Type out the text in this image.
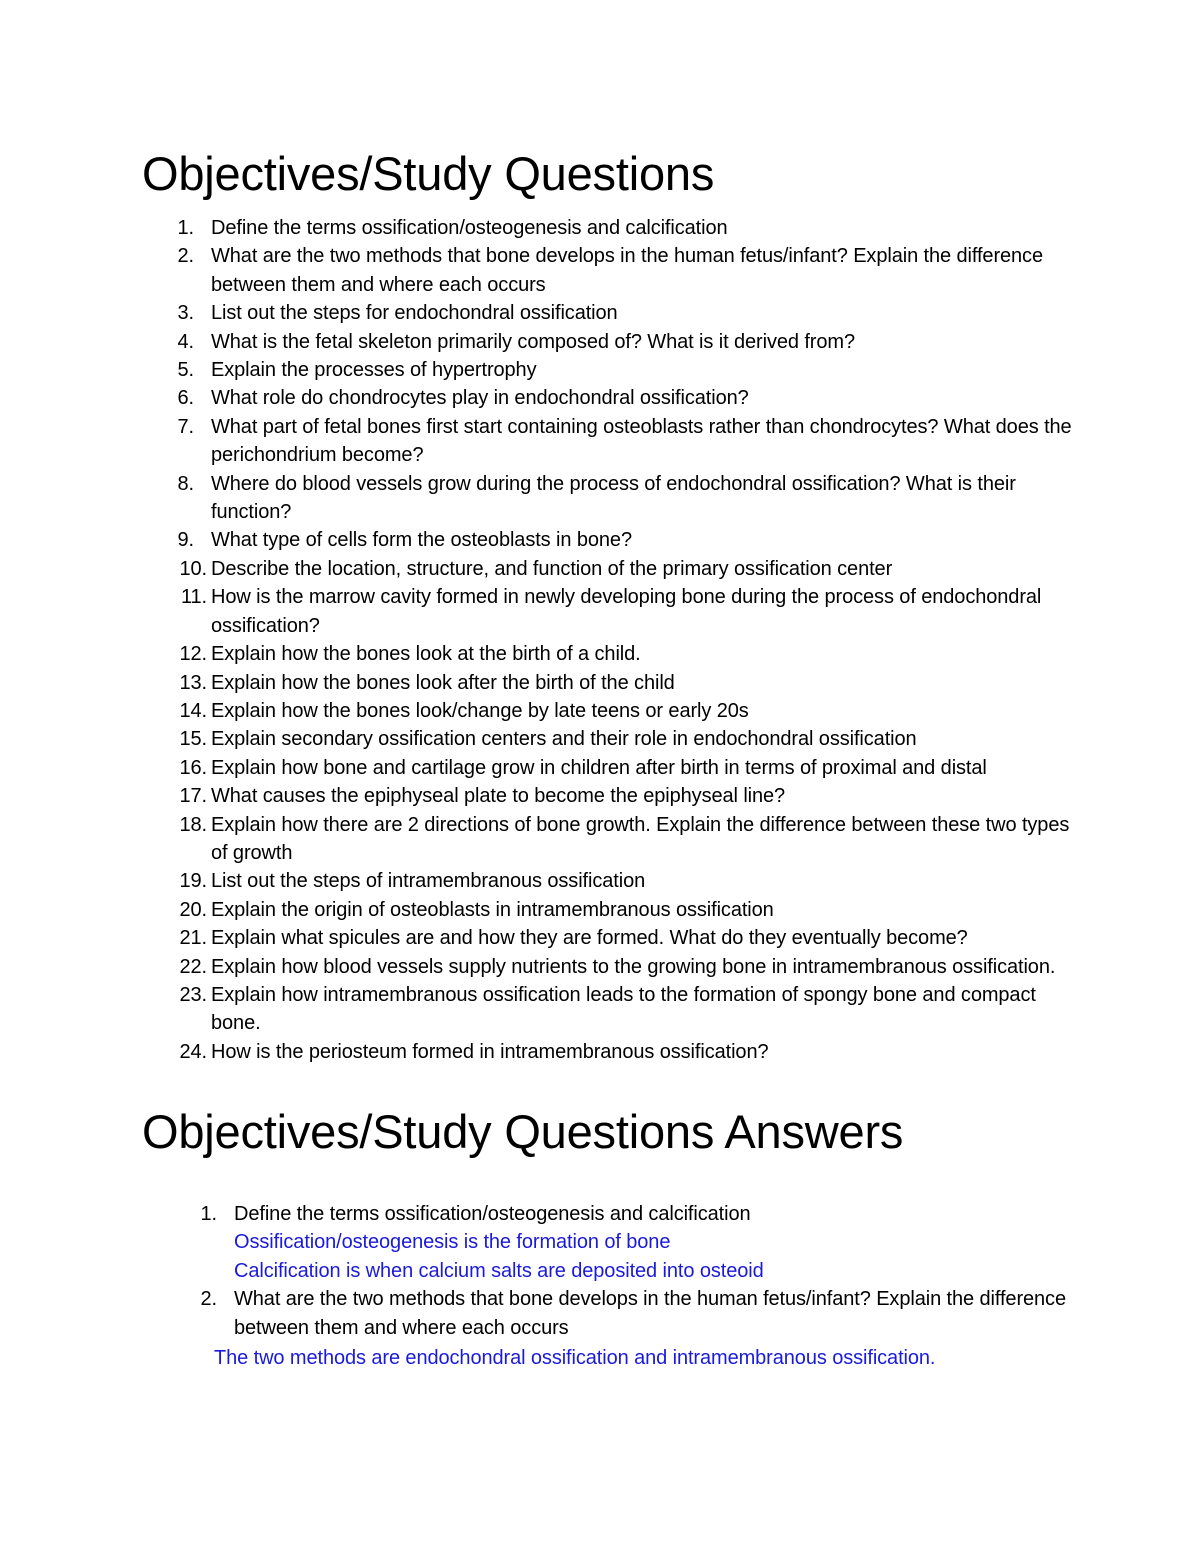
Objectives/Study Questions
1. Define the terms ossification/osteogenesis and calcification
2. What are the two methods that bone develops in the human fetus/infant? Explain the difference between them and where each occurs
3. List out the steps for endochondral ossification
4. What is the fetal skeleton primarily composed of? What is it derived from?
5. Explain the processes of hypertrophy
6. What role do chondrocytes play in endochondral ossification?
7. What part of fetal bones first start containing osteoblasts rather than chondrocytes? What does the perichondrium become?
8. Where do blood vessels grow during the process of endochondral ossification? What is their function?
9. What type of cells form the osteoblasts in bone?
10. Describe the location, structure, and function of the primary ossification center
11. How is the marrow cavity formed in newly developing bone during the process of endochondral ossification?
12. Explain how the bones look at the birth of a child.
13. Explain how the bones look after the birth of the child
14. Explain how the bones look/change by late teens or early 20s
15. Explain secondary ossification centers and their role in endochondral ossification
16. Explain how bone and cartilage grow in children after birth in terms of proximal and distal
17. What causes the epiphyseal plate to become the epiphyseal line?
18. Explain how there are 2 directions of bone growth. Explain the difference between these two types of growth
19. List out the steps of intramembranous ossification
20. Explain the origin of osteoblasts in intramembranous ossification
21. Explain what spicules are and how they are formed. What do they eventually become?
22. Explain how blood vessels supply nutrients to the growing bone in intramembranous ossification.
23. Explain how intramembranous ossification leads to the formation of spongy bone and compact bone.
24. How is the periosteum formed in intramembranous ossification?
Objectives/Study Questions Answers
1. Define the terms ossification/osteogenesis and calcification
Ossification/osteogenesis is the formation of bone
Calcification is when calcium salts are deposited into osteoid
2. What are the two methods that bone develops in the human fetus/infant? Explain the difference between them and where each occurs
The two methods are endochondral ossification and intramembranous ossification.
